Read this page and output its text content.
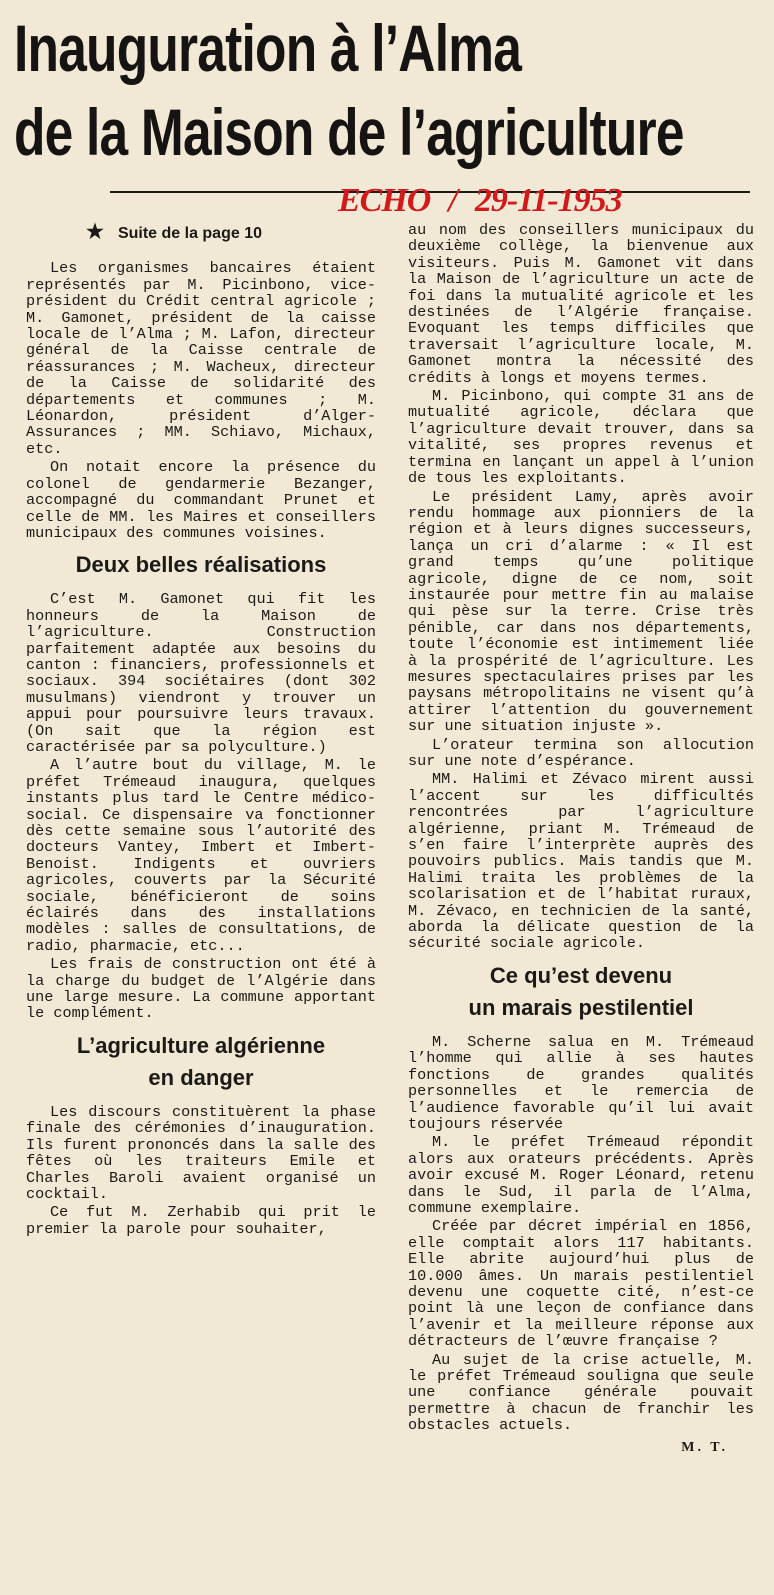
Inauguration à l’Alma
de la Maison de l’agriculture
ECHO / 29-11-1953
★ Suite de la page 10

Les organismes bancaires étaient représentés par M. Picinbono, vice-président du Crédit central agricole ; M. Gamonet, président de la caisse locale de l’Alma ; M. Lafon, directeur général de la Caisse centrale de réassurances ; M. Wacheux, directeur de la Caisse de solidarité des départements et communes ; M. Léonardon, président d’Alger-Assurances ; MM. Schiavo, Michaux, etc.

On notait encore la présence du colonel de gendarmerie Bezanger, accompagné du commandant Prunet et celle de MM. les Maires et conseillers municipaux des communes voisines.

Deux belles réalisations

C’est M. Gamonet qui fit les honneurs de la Maison de l’agriculture. Construction parfaitement adaptée aux besoins du canton : financiers, professionnels et sociaux. 394 sociétaires (dont 302 musulmans) viendront y trouver un appui pour poursuivre leurs travaux. (On sait que la région est caractérisée par sa polyculture.)

A l’autre bout du village, M. le préfet Trémeaud inaugura, quelques instants plus tard le Centre médico-social. Ce dispensaire va fonctionner dès cette semaine sous l’autorité des docteurs Vantey, Imbert et Imbert-Benoist. Indigents et ouvriers agricoles, couverts par la Sécurité sociale, bénéficieront de soins éclairés dans des installations modèles : salles de consultations, de radio, pharmacie, etc...

Les frais de construction ont été à la charge du budget de l’Algérie dans une large mesure. La commune apportant le complément.

L’agriculture algérienne
en danger

Les discours constituèrent la phase finale des cérémonies d’inauguration. Ils furent prononcés dans la salle des fêtes où les traiteurs Emile et Charles Baroli avaient organisé un cocktail.

Ce fut M. Zerhabib qui prit le premier la parole pour souhaiter,

au nom des conseillers municipaux du deuxième collège, la bienvenue aux visiteurs. Puis M. Gamonet vit dans la Maison de l’agriculture un acte de foi dans la mutualité agricole et les destinées de l’Algérie française. Evoquant les temps difficiles que traversait l’agriculture locale, M. Gamonet montra la nécessité des crédits à longs et moyens termes.

M. Picinbono, qui compte 31 ans de mutualité agricole, déclara que l’agriculture devait trouver, dans sa vitalité, ses propres revenus et termina en lançant un appel à l’union de tous les exploitants.

Le président Lamy, après avoir rendu hommage aux pionniers de la région et à leurs dignes successeurs, lança un cri d’alarme : « Il est grand temps qu’une politique agricole, digne de ce nom, soit instaurée pour mettre fin au malaise qui pèse sur la terre. Crise très pénible, car dans nos départements, toute l’économie est intimement liée à la prospérité de l’agriculture. Les mesures spectaculaires prises par les paysans métropolitains ne visent qu’à attirer l’attention du gouvernement sur une situation injuste ».

L’orateur termina son allocution sur une note d’espérance.

MM. Halimi et Zévaco mirent aussi l’accent sur les difficultés rencontrées par l’agriculture algérienne, priant M. Trémeaud de s’en faire l’interprète auprès des pouvoirs publics. Mais tandis que M. Halimi traita les problèmes de la scolarisation et de l’habitat ruraux, M. Zévaco, en technicien de la santé, aborda la délicate question de la sécurité sociale agricole.

Ce qu’est devenu
un marais pestilentiel

M. Scherne salua en M. Trémeaud l’homme qui allie à ses hautes fonctions de grandes qualités personnelles et le remercia de l’audience favorable qu’il lui avait toujours réservée

M. le préfet Trémeaud répondit alors aux orateurs précédents. Après avoir excusé M. Roger Léonard, retenu dans le Sud, il parla de l’Alma, commune exemplaire.

Créée par décret impérial en 1856, elle comptait alors 117 habitants. Elle abrite aujourd’hui plus de 10.000 âmes. Un marais pestilentiel devenu une coquette cité, n’est-ce point là une leçon de confiance dans l’avenir et la meilleure réponse aux détracteurs de l’œuvre française ?

Au sujet de la crise actuelle, M. le préfet Trémeaud souligna que seule une confiance générale pouvait permettre à chacun de franchir les obstacles actuels.

M. T.
